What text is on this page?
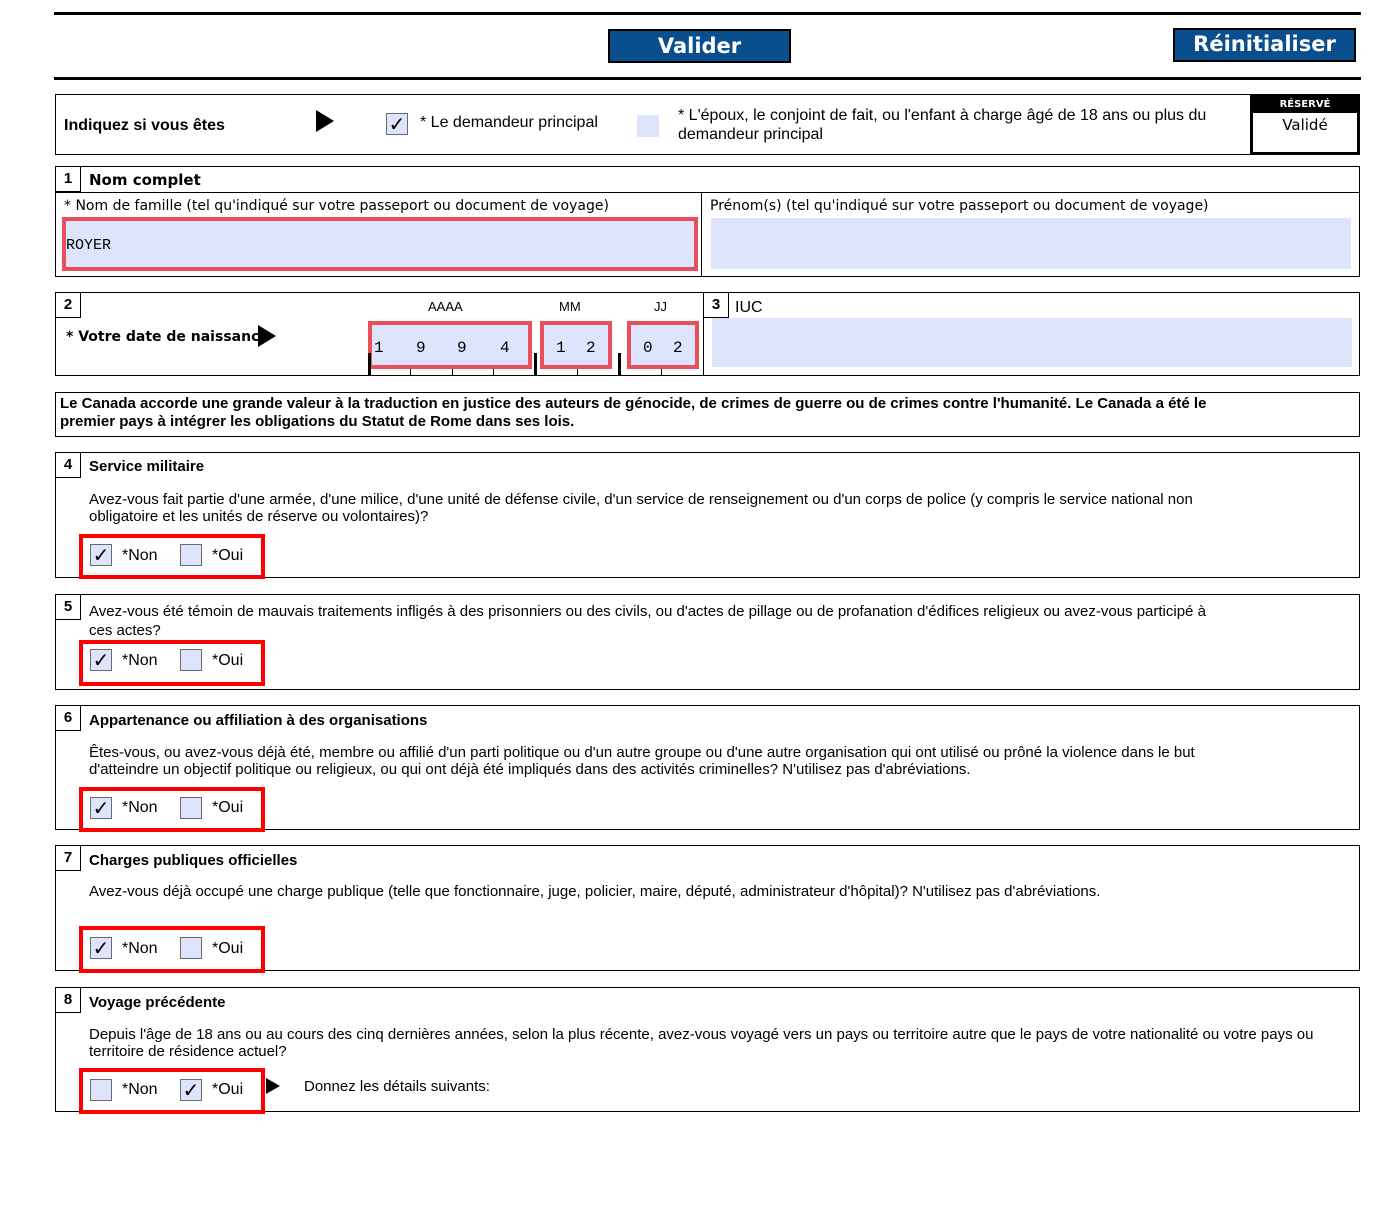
Valider	Réinitialiser
Indiquez si vous êtes	✓ * Le demandeur principal	* L'époux, le conjoint de fait, ou l'enfant à charge âgé de 18 ans ou plus du demandeur principal
RÉSERVÉ
Validé
1	Nom complet
* Nom de famille (tel qu'indiqué sur votre passeport ou document de voyage)
ROYER
Prénom(s) (tel qu'indiqué sur votre passeport ou document de voyage)
2
* Votre date de naissance
AAAA	MM	JJ
1 9 9 4	1 2	0 2
3 IUC
Le Canada accorde une grande valeur à la traduction en justice des auteurs de génocide, de crimes de guerre ou de crimes contre l'humanité. Le Canada a été le premier pays à intégrer les obligations du Statut de Rome dans ses lois.
4	Service militaire
Avez-vous fait partie d'une armée, d'une milice, d'une unité de défense civile, d'un service de renseignement ou d'un corps de police (y compris le service national non obligatoire et les unités de réserve ou volontaires)?
✓ *Non	*Oui
5	Avez-vous été témoin de mauvais traitements infligés à des prisonniers ou des civils, ou d'actes de pillage ou de profanation d'édifices religieux ou avez-vous participé à ces actes?
✓ *Non	*Oui
6	Appartenance ou affiliation à des organisations
Êtes-vous, ou avez-vous déjà été, membre ou affilié d'un parti politique ou d'un autre groupe ou d'une autre organisation qui ont utilisé ou prôné la violence dans le but d'atteindre un objectif politique ou religieux, ou qui ont déjà été impliqués dans des activités criminelles? N'utilisez pas d'abréviations.
✓ *Non	*Oui
7	Charges publiques officielles
Avez-vous déjà occupé une charge publique (telle que fonctionnaire, juge, policier, maire, député, administrateur d'hôpital)? N'utilisez pas d'abréviations.
✓ *Non	*Oui
8	Voyage précédente
Depuis l'âge de 18 ans ou au cours des cinq dernières années, selon la plus récente, avez-vous voyagé vers un pays ou territoire autre que le pays de votre nationalité ou votre pays ou territoire de résidence actuel?
*Non ✓ *Oui	Donnez les détails suivants:
